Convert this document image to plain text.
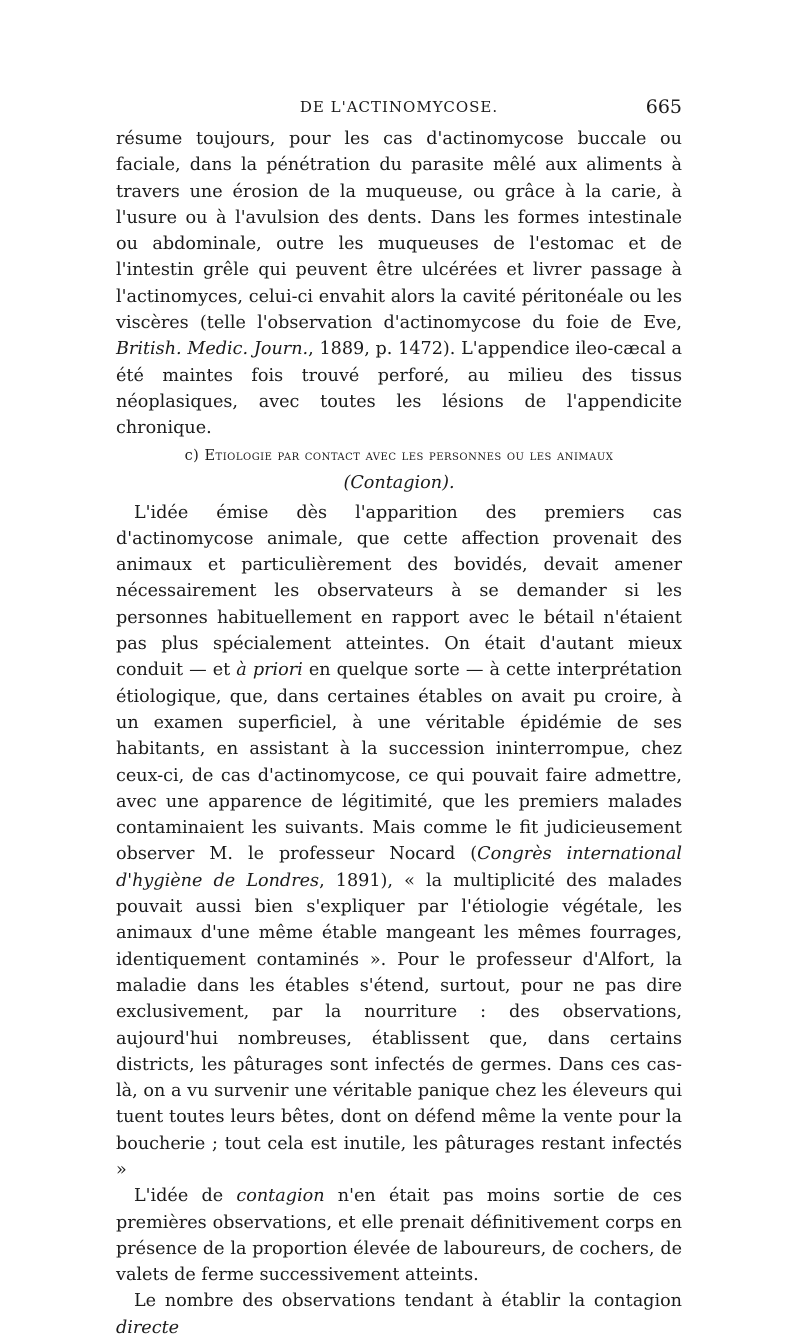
DE L'ACTINOMYCOSE.	665

résume toujours, pour les cas d'actinomycose buccale ou faciale, dans la pénétration du parasite mêlé aux aliments à travers une érosion de la muqueuse, ou grâce à la carie, à l'usure ou à l'avulsion des dents. Dans les formes intestinale ou abdominale, outre les muqueuses de l'estomac et de l'intestin grêle qui peuvent être ulcérées et livrer passage à l'actinomyces, celui-ci envahit alors la cavité péritonéale ou les viscères (telle l'observation d'actinomycose du foie de Eve, British. Medic. Journ., 1889, p. 1472). L'appendice ileo-cæcal a été maintes fois trouvé perforé, au milieu des tissus néoplasiques, avec toutes les lésions de l'appendicite chronique.

c) Etiologie par contact avec les personnes ou les animaux
(Contagion).

L'idée émise dès l'apparition des premiers cas d'actinomycose animale, que cette affection provenait des animaux et particulièrement des bovidés, devait amener nécessairement les observateurs à se demander si les personnes habituellement en rapport avec le bétail n'étaient pas plus spécialement atteintes. On était d'autant mieux conduit — et à priori en quelque sorte — à cette interprétation étiologique, que, dans certaines étables on avait pu croire, à un examen superficiel, à une véritable épidémie de ses habitants, en assistant à la succession ininterrompue, chez ceux-ci, de cas d'actinomycose, ce qui pouvait faire admettre, avec une apparence de légitimité, que les premiers malades contaminaient les suivants. Mais comme le fit judicieusement observer M. le professeur Nocard (Congrès international d'hygiène de Londres, 1891), « la multiplicité des malades pouvait aussi bien s'expliquer par l'étiologie végétale, les animaux d'une même étable mangeant les mêmes fourrages, identiquement contaminés ». Pour le professeur d'Alfort, la maladie dans les étables s'étend, surtout, pour ne pas dire exclusivement, par la nourriture : des observations, aujourd'hui nombreuses, établissent que, dans certains districts, les pâturages sont infectés de germes. Dans ces cas-là, on a vu survenir une véritable panique chez les éleveurs qui tuent toutes leurs bêtes, dont on défend même la vente pour la boucherie ; tout cela est inutile, les pâturages restant infectés »

L'idée de contagion n'en était pas moins sortie de ces premières observations, et elle prenait définitivement corps en présence de la proportion élevée de laboureurs, de cochers, de valets de ferme successivement atteints.

Le nombre des observations tendant à établir la contagion directe
